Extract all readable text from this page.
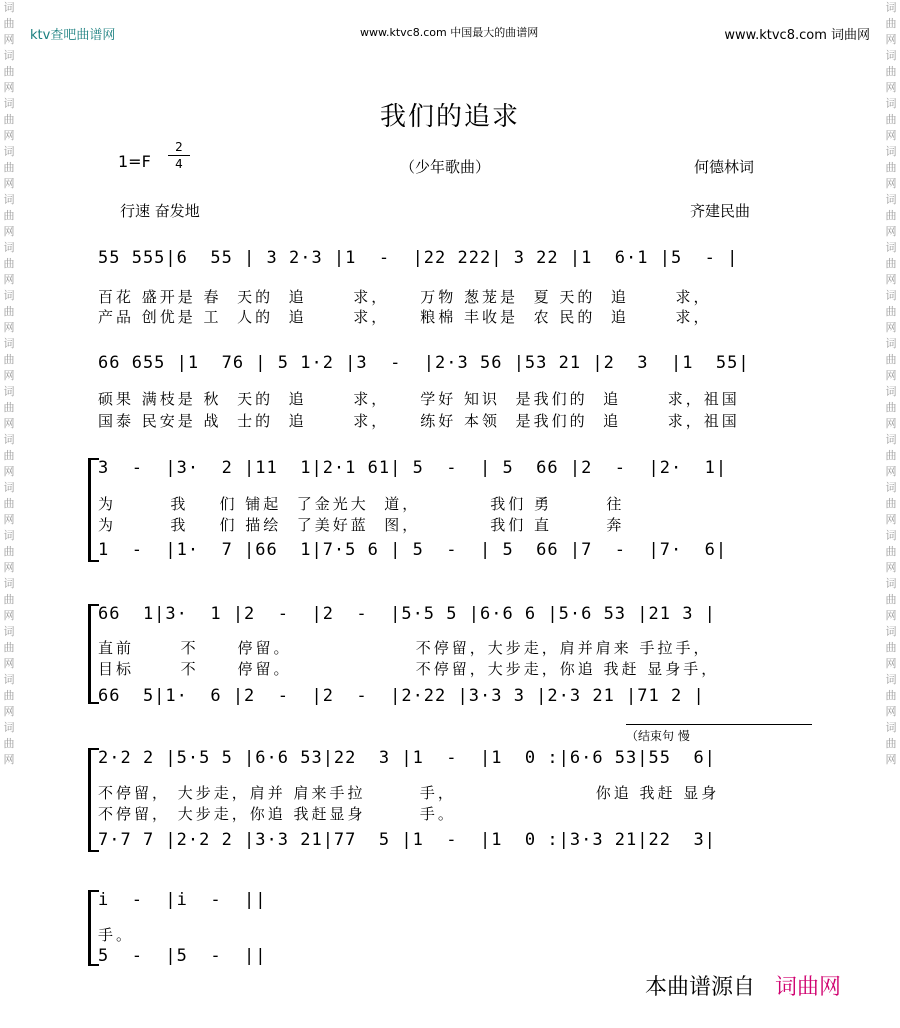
词曲网词曲网词曲网词曲网词曲网词曲网词曲网词曲网词曲网词曲网词曲网词曲网词曲网词曲网词曲网词曲网
词曲网词曲网词曲网词曲网词曲网词曲网词曲网词曲网词曲网词曲网词曲网词曲网词曲网词曲网词曲网词曲网
ktv查吧曲谱网	www.ktvc8.com 中国最大的曲谱网	www.ktvc8.com 词曲网
我们的追求
1=F
2
4	（少年歌曲）	何德林词
行速 奋发地	齐建民曲
55 555|6  55 | 3 2·3 |1  -  |22 222| 3 22 |1  6·1 |5  - |
百花 盛开是 春  天的  追      求，    万物 葱茏是  夏 天的  追      求，
产品 创优是 工  人的  追      求，    粮棉 丰收是  农 民的  追      求，
66 655 |1  76 | 5 1·2 |3  -  |2·3 56 |53 21 |2  3  |1  55|
硕果 满枝是 秋  天的  追      求，    学好 知识  是我们的  追      求，祖国
国泰 民安是 战  士的  追      求，    练好 本领  是我们的  追      求，祖国
3  -  |3·  2 |11  1|2·1 61| 5  -  | 5  66 |2  -  |2·  1|
为       我    们 铺起  了金光大  道，         我们 勇       往
为       我    们 描绘  了美好蓝  图，         我们 直       奔
1  -  |1·  7 |66  1|7·5 6 | 5  -  | 5  66 |7  -  |7·  6|
66  1|3·  1 |2  -  |2  -  |5·5 5 |6·6 6 |5·6 53 |21 3 |
直前      不     停留。                不停留，大步走，肩并肩来 手拉手，
目标      不     停留。                不停留，大步走，你追 我赶 显身手，
66  5|1·  6 |2  -  |2  -  |2·22 |3·3 3 |2·3 21 |71 2 |
（结束句 慢
2·2 2 |5·5 5 |6·6 53|22  3 |1  -  |1  0 :|6·6 53|55  6|
不停留， 大步走，肩并 肩来手拉       手，                  你追 我赶 显身
不停留， 大步走，你追 我赶显身       手。
7·7 7 |2·2 2 |3·3 21|77  5 |1  -  |1  0 :|3·3 21|22  3|
i  -  |i  -  ||
手。
5  -  |5  -  ||
本曲谱源自 词曲网
